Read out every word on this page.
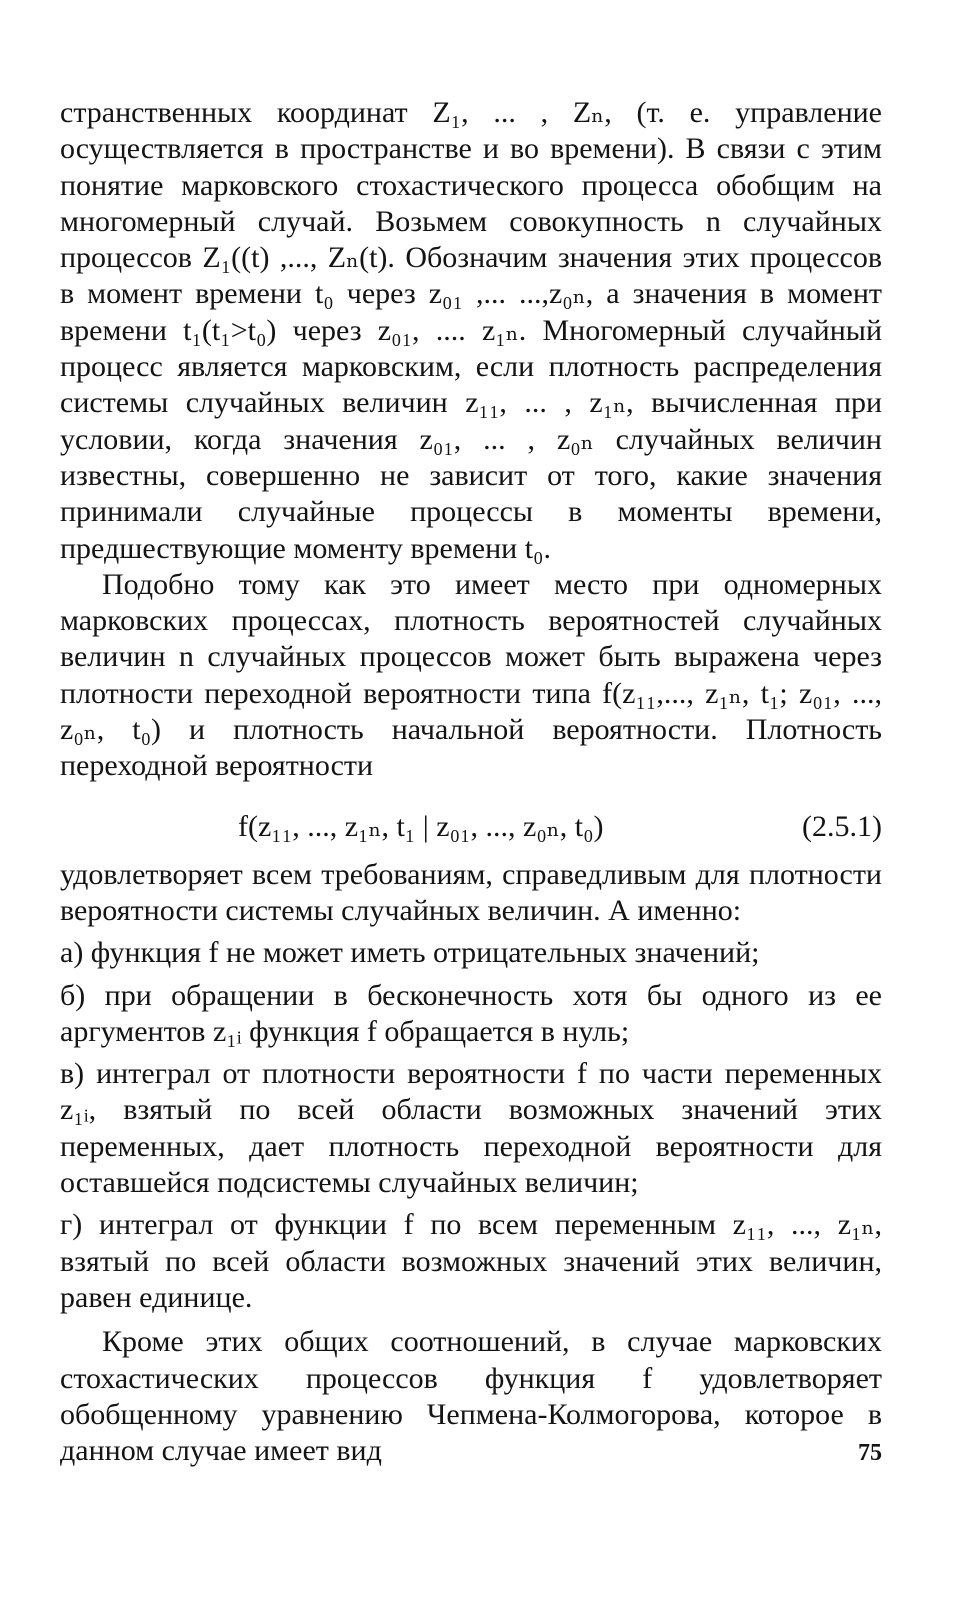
странственных координат Z₁, ... , Zₙ, (т. е. управление осуществляется в пространстве и во времени). В связи с этим понятие марковского стохастического процесса обобщим на многомерный случай. Возьмем совокупность n случайных процессов Z₁((t) ,..., Zₙ(t). Обозначим значения этих процессов в момент времени t₀ через z₀₁ ,... ...,z₀ₙ, а значения в момент времени t₁(t₁>t₀) через z₀₁, .... z₁ₙ. Многомерный случайный процесс является марковским, если плотность распределения системы случайных величин z₁₁, ... , z₁ₙ, вычисленная при условии, когда значения z₀₁, ... , z₀ₙ случайных величин известны, совершенно не зависит от того, какие значения принимали случайные процессы в моменты времени, предшествующие моменту времени t₀.

Подобно тому как это имеет место при одномерных марковских процессах, плотность вероятностей случайных величин n случайных процессов может быть выражена через плотности переходной вероятности типа f(z₁₁,..., z₁ₙ, t₁; z₀₁, ..., z₀ₙ, t₀) и плотность начальной вероятности. Плотность переходной вероятности

f(z₁₁, ..., z₁ₙ, t₁ | z₀₁, ..., z₀ₙ, t₀)	(2.5.1)

удовлетворяет всем требованиям, справедливым для плотности вероятности системы случайных величин. А именно:

а) функция f не может иметь отрицательных значений;

б) при обращении в бесконечность хотя бы одного из ее аргументов z₁ᵢ функция f обращается в нуль;

в) интеграл от плотности вероятности f по части переменных z₁ᵢ, взятый по всей области возможных значений этих переменных, дает плотность переходной вероятности для оставшейся подсистемы случайных величин;

г) интеграл от функции f по всем переменным z₁₁, ..., z₁ₙ, взятый по всей области возможных значений этих величин, равен единице.

Кроме этих общих соотношений, в случае марковских стохастических процессов функция f удовлетворяет обобщенному уравнению Чепмена-Колмогорова, которое в данном случае имеет вид	75
